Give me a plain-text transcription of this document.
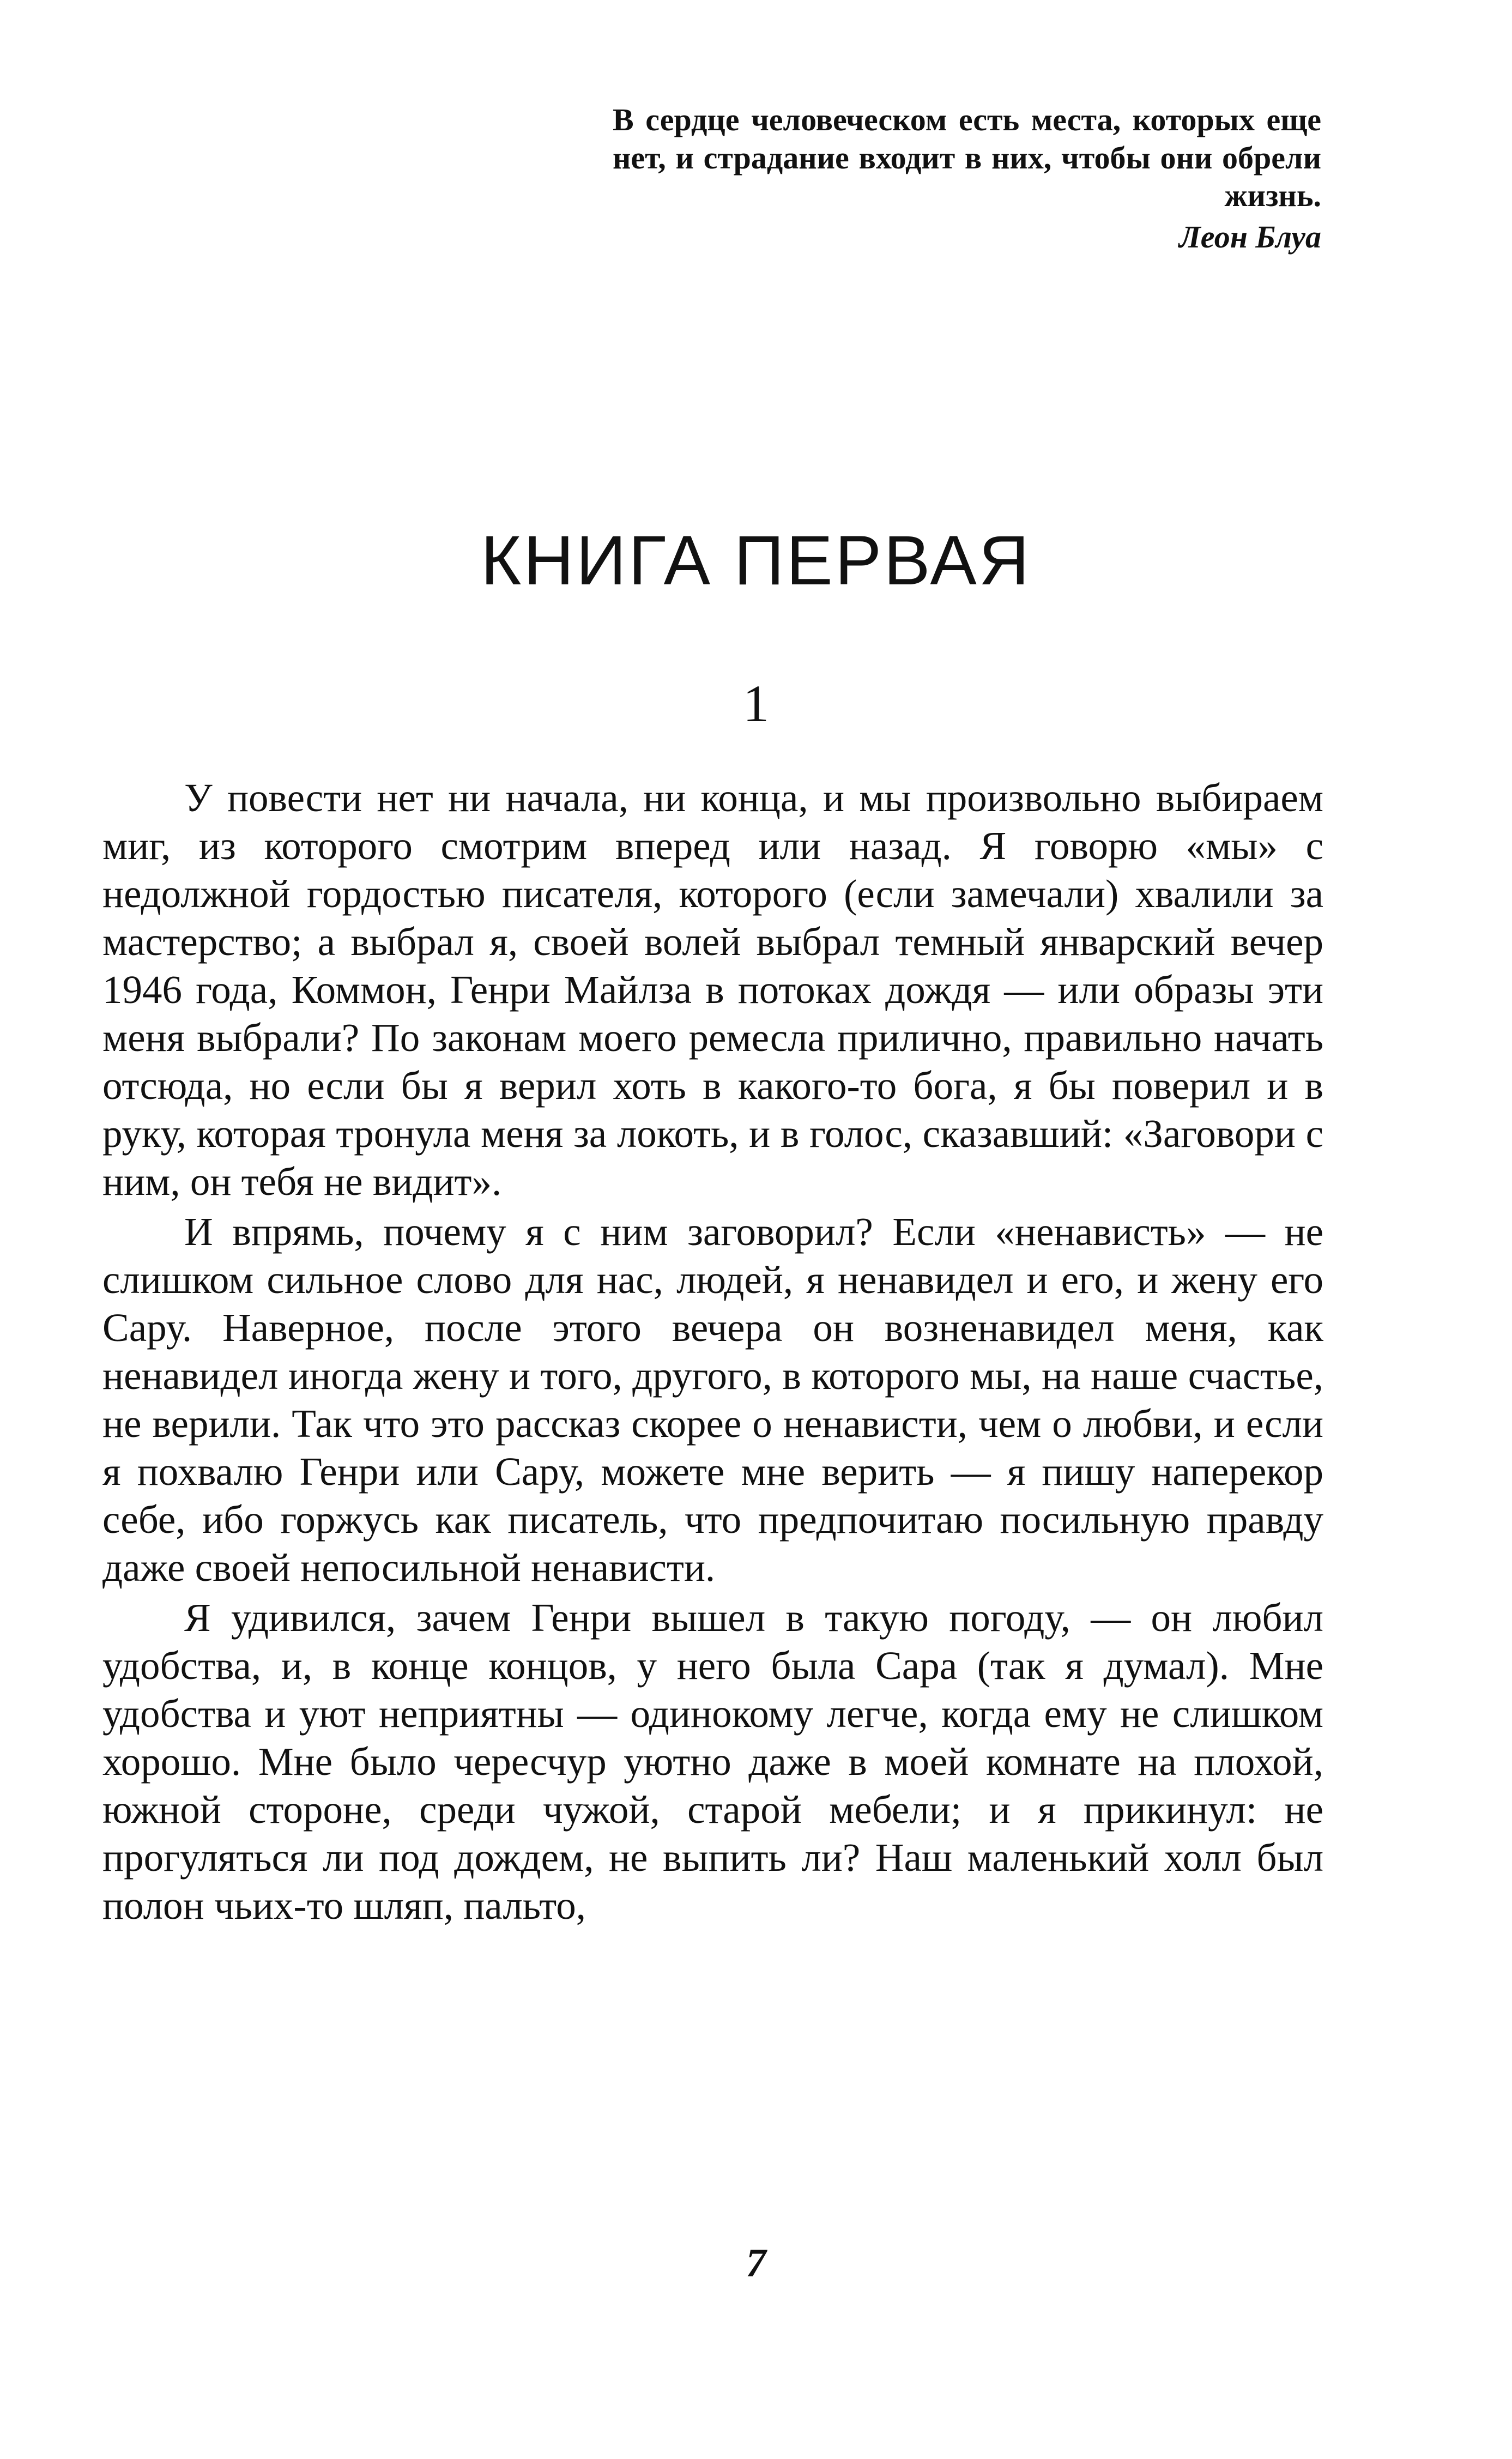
В сердце человеческом есть места, которых еще нет, и страдание входит в них, чтобы они обрели жизнь.

Леон Блуа

КНИГА ПЕРВАЯ
1

У повести нет ни начала, ни конца, и мы произвольно выбираем миг, из которого смотрим вперед или назад. Я говорю «мы» с недолжной гордостью писателя, которого (если замечали) хвалили за мастерство; а выбрал я, своей волей выбрал темный январский вечер 1946 года, Коммон, Генри Майлза в потоках дождя — или образы эти меня выбрали? По законам моего ремесла прилично, правильно начать отсюда, но если бы я верил хоть в какого-то бога, я бы поверил и в руку, которая тронула меня за локоть, и в голос, сказавший: «Заговори с ним, он тебя не видит».

И впрямь, почему я с ним заговорил? Если «ненависть» — не слишком сильное слово для нас, людей, я ненавидел и его, и жену его Сару. Наверное, после этого вечера он возненавидел меня, как ненавидел иногда жену и того, другого, в которого мы, на наше счастье, не верили. Так что это рассказ скорее о ненависти, чем о любви, и если я похвалю Генри или Сару, можете мне верить — я пишу наперекор себе, ибо горжусь как писатель, что предпочитаю посильную правду даже своей непосильной ненависти.

Я удивился, зачем Генри вышел в такую погоду, — он любил удобства, и, в конце концов, у него была Сара (так я думал). Мне удобства и уют неприятны — одинокому легче, когда ему не слишком хорошо. Мне было чересчур уютно даже в моей комнате на плохой, южной стороне, среди чужой, старой мебели; и я прикинул: не прогуляться ли под дождем, не выпить ли? Наш маленький холл был полон чьих-то шляп, пальто,

7
